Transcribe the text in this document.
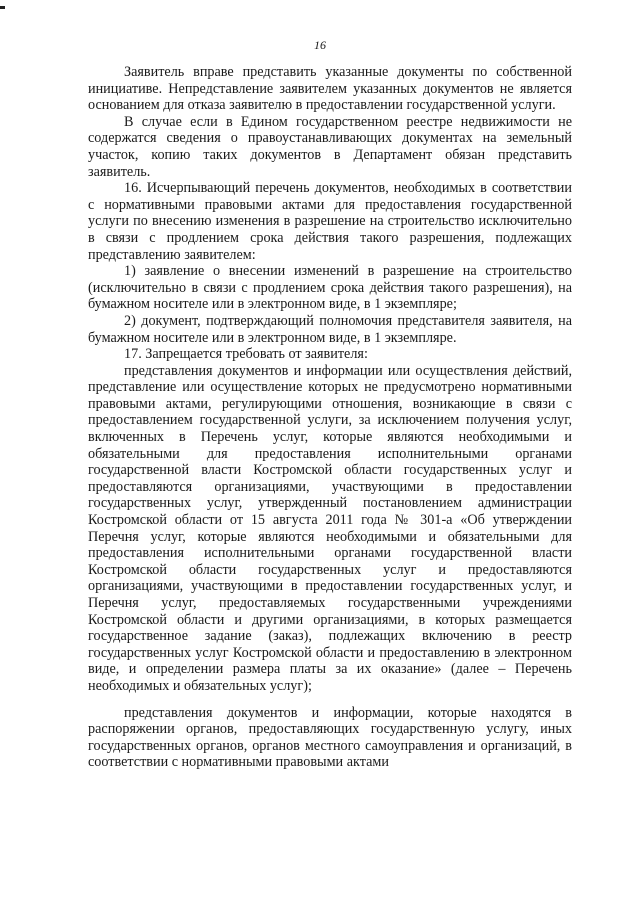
16

Заявитель вправе представить указанные документы по собственной инициативе. Непредставление заявителем указанных документов не является основанием для отказа заявителю в предоставлении государственной услуги.

В случае если в Едином государственном реестре недвижимости не содержатся сведения о правоустанавливающих документах на земельный участок, копию таких документов в Департамент обязан представить заявитель.

16. Исчерпывающий перечень документов, необходимых в соответствии с нормативными правовыми актами для предоставления государственной услуги по внесению изменения в разрешение на строительство исключительно в связи с продлением срока действия такого разрешения, подлежащих представлению заявителем:

1) заявление о внесении изменений в разрешение на строительство (исключительно в связи с продлением срока действия такого разрешения), на бумажном носителе или в электронном виде, в 1 экземпляре;

2) документ, подтверждающий полномочия представителя заявителя, на бумажном носителе или в электронном виде, в 1 экземпляре.

17. Запрещается требовать от заявителя:

представления документов и информации или осуществления действий, представление или осуществление которых не предусмотрено нормативными правовыми актами, регулирующими отношения, возникающие в связи с предоставлением государственной услуги, за исключением получения услуг, включенных в Перечень услуг, которые являются необходимыми и обязательными для предоставления исполнительными органами государственной власти Костромской области государственных услуг и предоставляются организациями, участвующими в предоставлении государственных услуг, утвержденный постановлением администрации Костромской области от 15 августа 2011 года № 301-а «Об утверждении Перечня услуг, которые являются необходимыми и обязательными для предоставления исполнительными органами государственной власти Костромской области государственных услуг и предоставляются организациями, участвующими в предоставлении государственных услуг, и Перечня услуг, предоставляемых государственными учреждениями Костромской области и другими организациями, в которых размещается государственное задание (заказ), подлежащих включению в реестр государственных услуг Костромской области и предоставлению в электронном виде, и определении размера платы за их оказание» (далее – Перечень необходимых и обязательных услуг);

представления документов и информации, которые находятся в распоряжении органов, предоставляющих государственную услугу, иных государственных органов, органов местного самоуправления и организаций, в соответствии с нормативными правовыми актами
